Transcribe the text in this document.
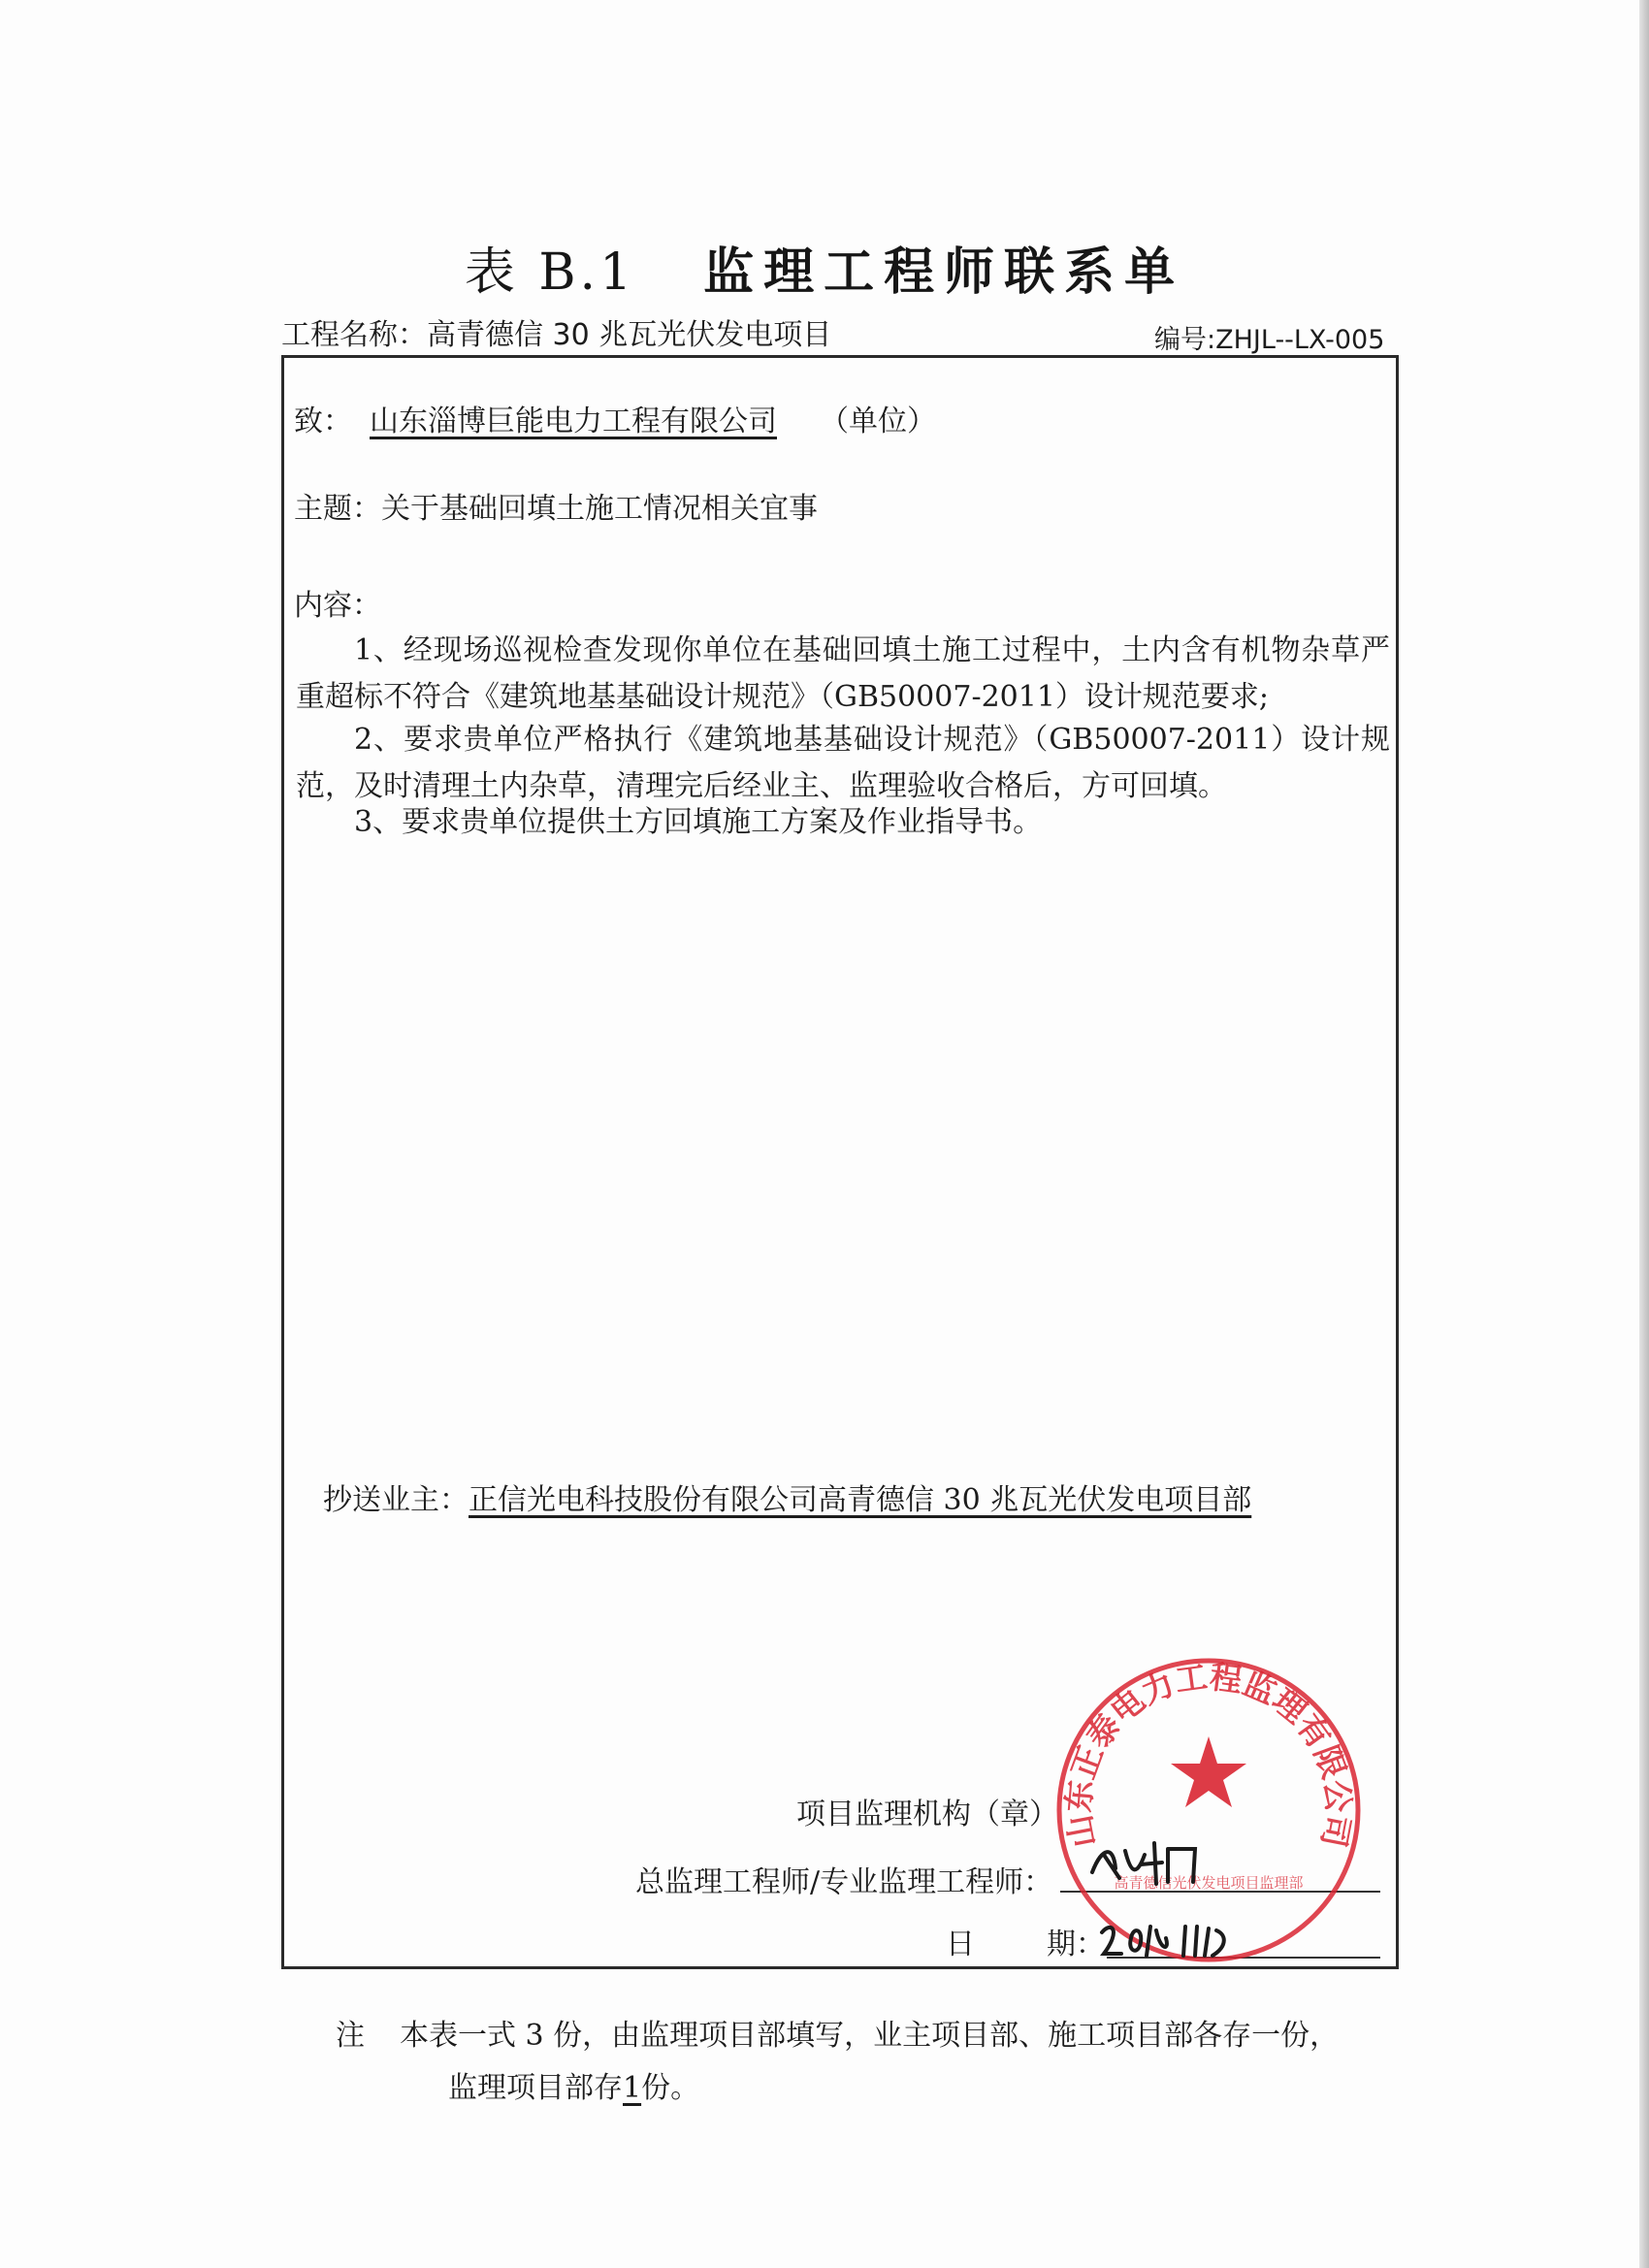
表 B.1 监理工程师联系单
工程名称：高青德信 30 兆瓦光伏发电项目	编号:ZHJL--LX-005
致： 山东淄博巨能电力工程有限公司 （单位）
主题：关于基础回填土施工情况相关宜事
内容：

1、经现场巡视检查发现你单位在基础回填土施工过程中，土内含有机物杂草严重超标不符合《建筑地基基础设计规范》（GB50007-2011）设计规范要求;

2、要求贵单位严格执行《建筑地基基础设计规范》（GB50007-2011）设计规范，及时清理土内杂草，清理完后经业主、监理验收合格后，方可回填。

3、要求贵单位提供土方回填施工方案及作业指导书。

抄送业主：正信光电科技股份有限公司高青德信 30 兆瓦光伏发电项目部
项目监理机构（章）
总监理工程师/专业监理工程师：
日 期：
山东正泰电力工程监理有限公司
高青德信光伏发电项目监理部
注 本表一式 3 份，由监理项目部填写，业主项目部、施工项目部各存一份，
监理项目部存1份。
